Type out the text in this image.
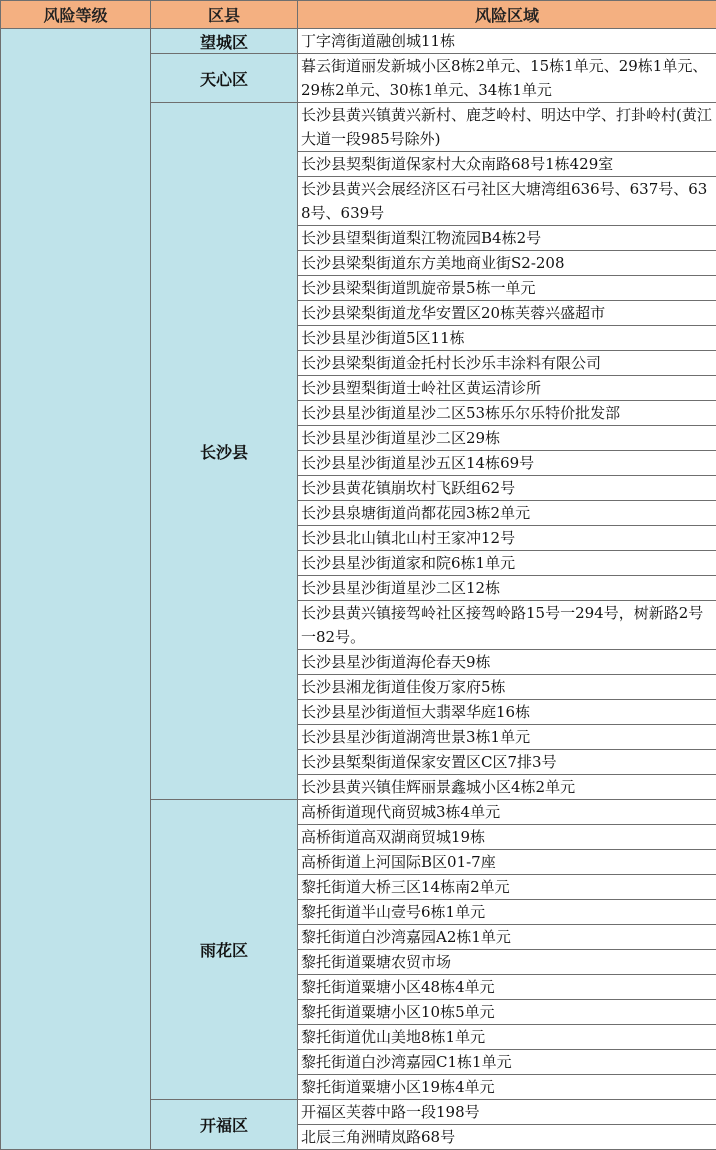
风险等级	区县	风险区域
	望城区	丁字湾街道融创城11栋
	天心区	暮云街道丽发新城小区8栋2单元、15栋1单元、29栋1单元、29栋2单元、30栋1单元、34栋1单元
	长沙县	长沙县黄兴镇黄兴新村、鹿芝岭村、明达中学、打卦岭村(黄江大道一段985号除外)
		长沙县契梨街道保家村大众南路68号1栋429室
		长沙县黄兴会展经济区石弓社区大塘湾组636号、637号、638号、639号
		长沙县望梨街道梨江物流园B4栋2号
		长沙县梁梨街道东方美地商业街S2-208
		长沙县梁梨街道凯旋帝景5栋一单元
		长沙县梁梨街道龙华安置区20栋芙蓉兴盛超市
		长沙县星沙街道5区11栋
		长沙县梁梨街道金托村长沙乐丰涂料有限公司
		长沙县塑梨街道士岭社区黄运清诊所
		长沙县星沙街道星沙二区53栋乐尔乐特价批发部
		长沙县星沙街道星沙二区29栋
		长沙县星沙街道星沙五区14栋69号
		长沙县黄花镇崩坎村飞跃组62号
		长沙县泉塘街道尚都花园3栋2单元
		长沙县北山镇北山村王家冲12号
		长沙县星沙街道家和院6栋1单元
		长沙县星沙街道星沙二区12栋
		长沙县黄兴镇接驾岭社区接驾岭路15号一294号，树新路2号一82号。
		长沙县星沙街道海伦春天9栋
		长沙县湘龙街道佳俊万家府5栋
		长沙县星沙街道恒大翡翠华庭16栋
		长沙县星沙街道湖湾世景3栋1单元
		长沙县椠梨街道保家安置区C区7排3号
		长沙县黄兴镇佳辉丽景鑫城小区4栋2单元
	雨花区	高桥街道现代商贸城3栋4单元
		高桥街道高双湖商贸城19栋
		高桥街道上河国际B区01-7座
		黎托街道大桥三区14栋南2单元
		黎托街道半山壹号6栋1单元
		黎托街道白沙湾嘉园A2栋1单元
		黎托街道粟塘农贸市场
		黎托街道粟塘小区48栋4单元
		黎托街道粟塘小区10栋5单元
		黎托街道优山美地8栋1单元
		黎托街道白沙湾嘉园C1栋1单元
		黎托街道粟塘小区19栋4单元
	开福区	开福区芙蓉中路一段198号
		北辰三角洲晴岚路68号
